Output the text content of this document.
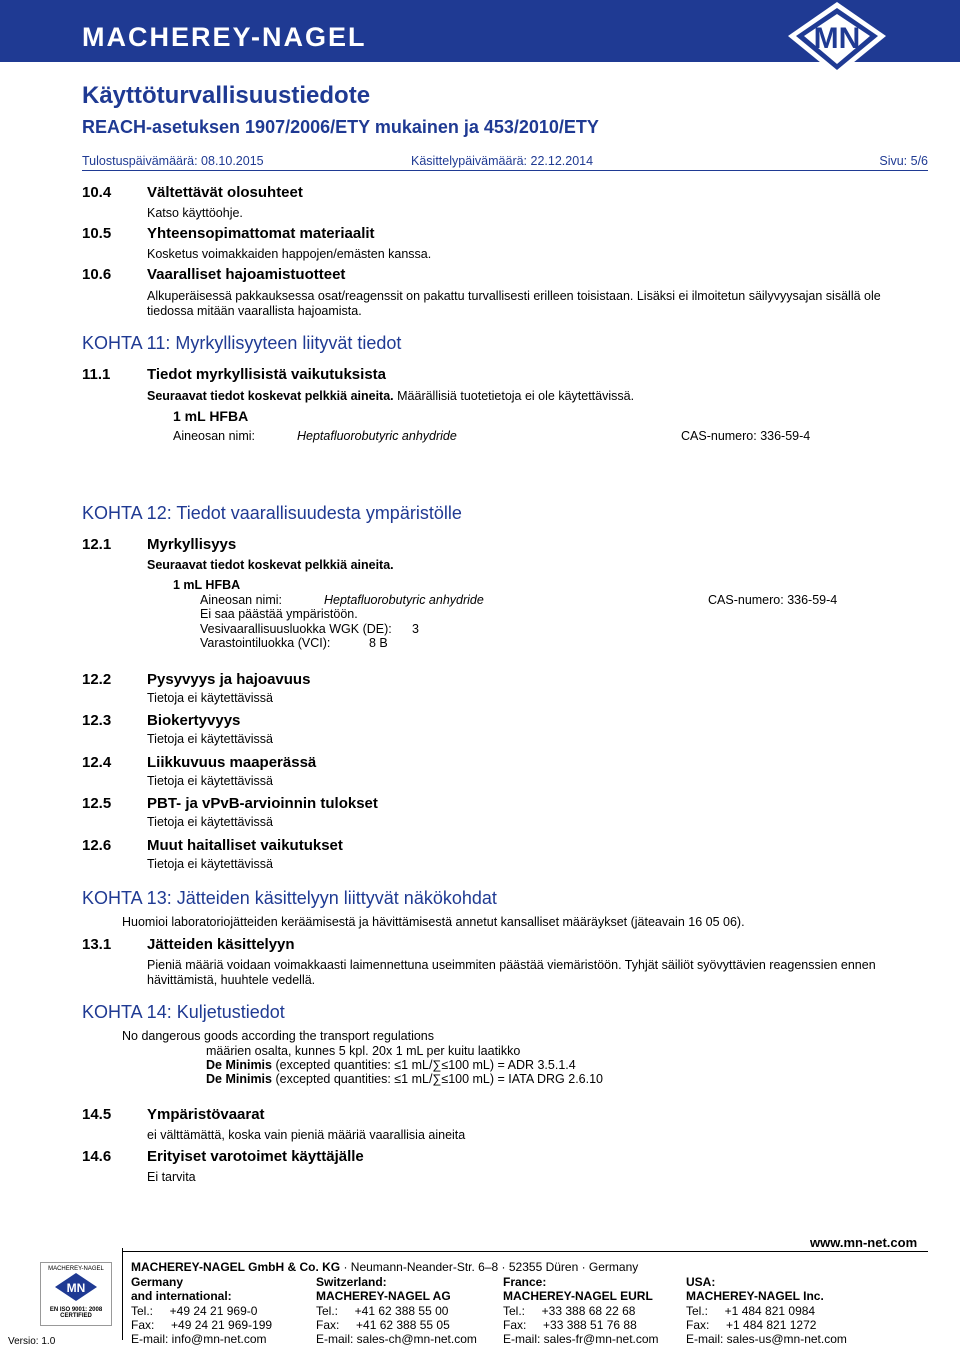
MACHEREY-NAGEL	MN
Käyttöturvallisuustiedote
REACH-asetuksen 1907/2006/ETY mukainen ja 453/2010/ETY
Tulostuspäivämäärä: 08.10.2015	Käsittelypäivämäärä: 22.12.2014	Sivu: 5/6
10.4 Vältettävät olosuhteet
Katso käyttöohje.
10.5 Yhteensopimattomat materiaalit
Kosketus voimakkaiden happojen/emästen kanssa.
10.6 Vaaralliset hajoamistuotteet
Alkuperäisessä pakkauksessa osat/reagenssit on pakattu turvallisesti erilleen toisistaan. Lisäksi ei ilmoitetun säilyvyysajan sisällä ole
tiedossa mitään vaarallista hajoamista.
KOHTA 11: Myrkyllisyyteen liityvät tiedot
11.1 Tiedot myrkyllisistä vaikutuksista
Seuraavat tiedot koskevat pelkkiä aineita. Määrällisiä tuotetietoja ei ole käytettävissä.
1 mL HFBA
Aineosan nimi:	Heptafluorobutyric anhydride	CAS-numero: 336-59-4
KOHTA 12: Tiedot vaarallisuudesta ympäristölle
12.1 Myrkyllisyys
Seuraavat tiedot koskevat pelkkiä aineita.
1 mL HFBA
Aineosan nimi:	Heptafluorobutyric anhydride	CAS-numero: 336-59-4
Ei saa päästää ympäristöön.
Vesivaarallisuusluokka WGK (DE): 3
Varastointiluokka (VCI):	8 B
12.2 Pysyvyys ja hajoavuus
Tietoja ei käytettävissä
12.3 Biokertyvyys
Tietoja ei käytettävissä
12.4 Liikkuvuus maaperässä
Tietoja ei käytettävissä
12.5 PBT- ja vPvB-arvioinnin tulokset
Tietoja ei käytettävissä
12.6 Muut haitalliset vaikutukset
Tietoja ei käytettävissä
KOHTA 13: Jätteiden käsittelyyn liittyvät näkökohdat
Huomioi laboratoriojätteiden keräämisestä ja hävittämisestä annetut kansalliset määräykset (jäteavain 16 05 06).
13.1 Jätteiden käsittelyyn
Pieniä määriä voidaan voimakkaasti laimennettuna useimmiten päästää viemäristöön. Tyhjät säiliöt syövyttävien reagenssien ennen
hävittämistä, huuhtele vedellä.
KOHTA 14: Kuljetustiedot
No dangerous goods according the transport regulations
määrien osalta, kunnes 5 kpl. 20x 1 mL per kuitu laatikko
De Minimis (excepted quantities: ≤1 mL/∑≤100 mL) = ADR 3.5.1.4
De Minimis (excepted quantities: ≤1 mL/∑≤100 mL) = IATA DRG 2.6.10
14.5 Ympäristövaarat
ei välttämättä, koska vain pieniä määriä vaarallisia aineita
14.6 Erityiset varotoimet käyttäjälle
Ei tarvita
www.mn-net.com
MACHEREY-NAGEL GmbH & Co. KG · Neumann-Neander-Str. 6–8 · 52355 Düren · Germany
MACHEREY-NAGEL
MN
EN ISO 9001: 2008
CERTIFIED
Versio: 1.0
Germany
and international:
Tel.:     +49 24 21 969-0
Fax:     +49 24 21 969-199
E-mail: info@mn-net.com
Switzerland:
MACHEREY-NAGEL AG
Tel.:     +41 62 388 55 00
Fax:     +41 62 388 55 05
E-mail: sales-ch@mn-net.com
France:
MACHEREY-NAGEL EURL
Tel.:     +33 388 68 22 68
Fax:     +33 388 51 76 88
E-mail: sales-fr@mn-net.com
USA:
MACHEREY-NAGEL Inc.
Tel.:     +1 484 821 0984
Fax:     +1 484 821 1272
E-mail: sales-us@mn-net.com
